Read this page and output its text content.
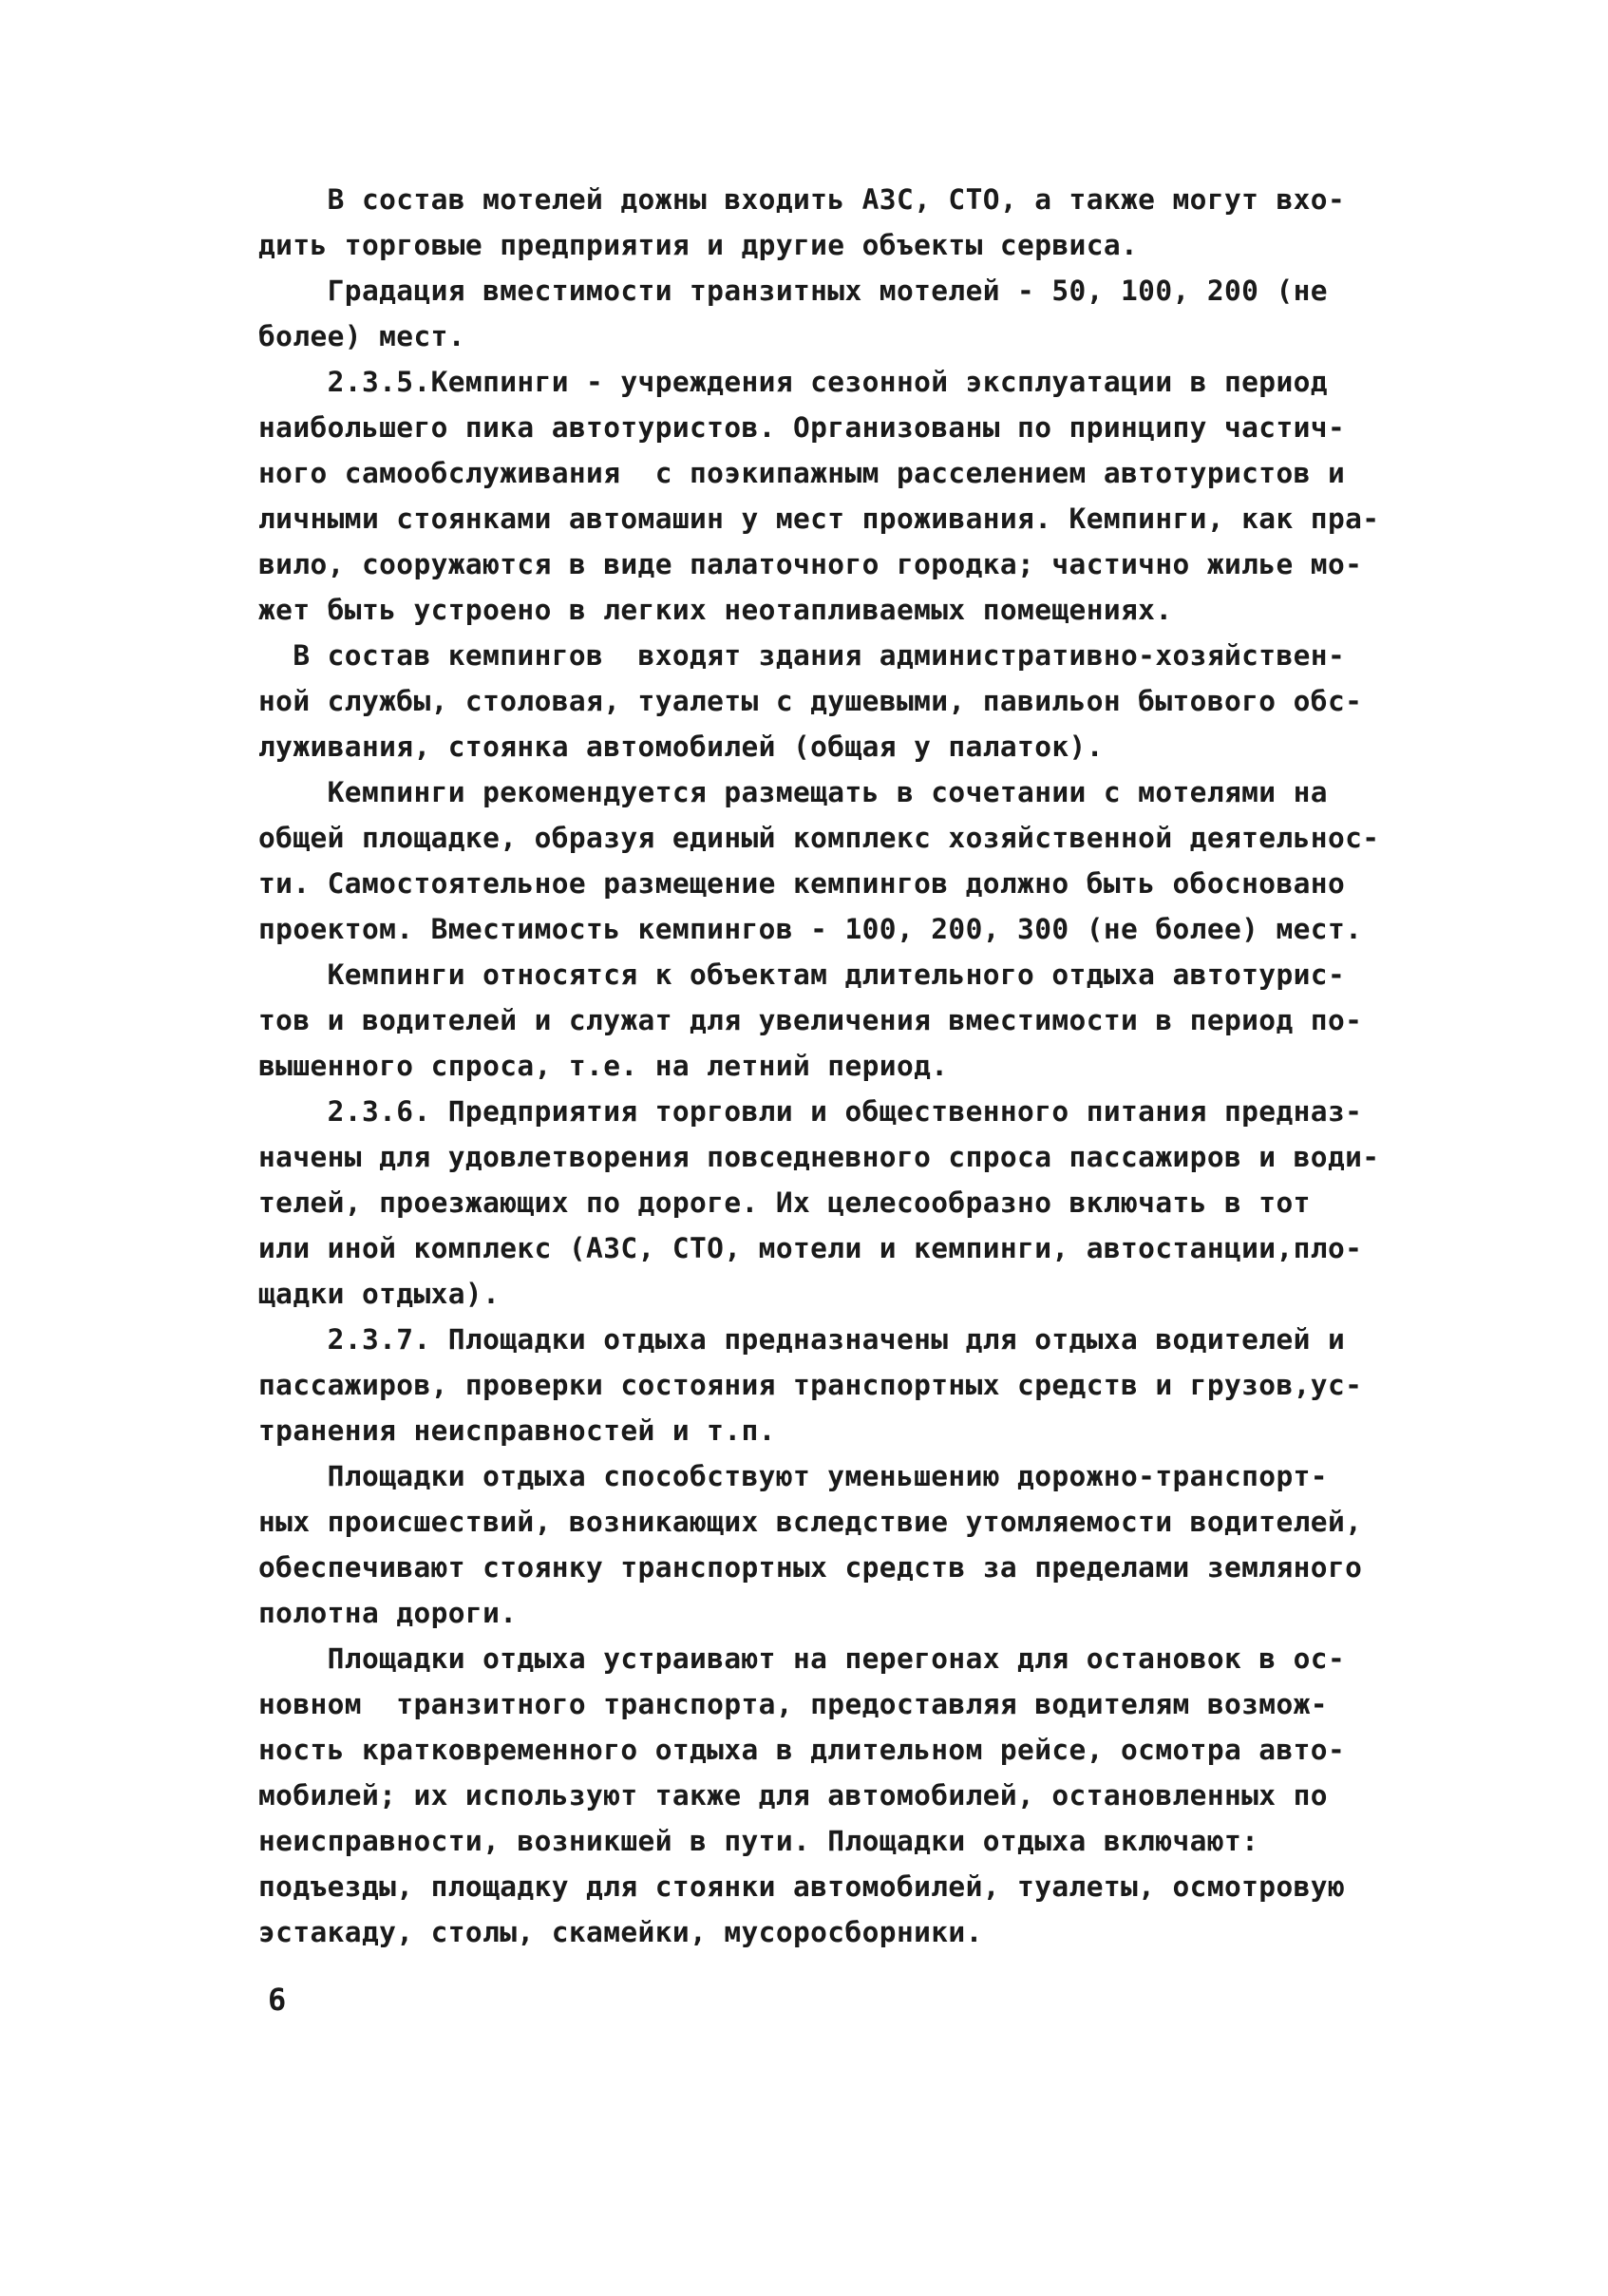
В состав мотелей дожны входить АЗС, СТО, а также могут вхо-
дить торговые предприятия и другие объекты сервиса.
Градация вместимости транзитных мотелей - 50, 100, 200 (не
более) мест.
2.3.5.Кемпинги - учреждения сезонной эксплуатации в период
наибольшего пика автотуристов. Организованы по принципу частич-
ного самообслуживания  с поэкипажным расселением автотуристов и
личными стоянками автомашин у мест проживания. Кемпинги, как пра-
вило, сооружаются в виде палаточного городка; частично жилье мо-
жет быть устроено в легких неотапливаемых помещениях.
В состав кемпингов  входят здания административно-хозяйствен-
ной службы, столовая, туалеты с душевыми, павильон бытового обс-
луживания, стоянка автомобилей (общая у палаток).
Кемпинги рекомендуется размещать в сочетании с мотелями на
общей площадке, образуя единый комплекс хозяйственной деятельнос-
ти. Самостоятельное размещение кемпингов должно быть обосновано
проектом. Вместимость кемпингов - 100, 200, 300 (не более) мест.
Кемпинги относятся к объектам длительного отдыха автотурис-
тов и водителей и служат для увеличения вместимости в период по-
вышенного спроса, т.е. на летний период.
2.3.6. Предприятия торговли и общественного питания предназ-
начены для удовлетворения повседневного спроса пассажиров и води-
телей, проезжающих по дороге. Их целесообразно включать в тот
или иной комплекс (АЗС, СТО, мотели и кемпинги, автостанции,пло-
щадки отдыха).
2.3.7. Площадки отдыха предназначены для отдыха водителей и
пассажиров, проверки состояния транспортных средств и грузов,ус-
транения неисправностей и т.п.
Площадки отдыха способствуют уменьшению дорожно-транспорт-
ных происшествий, возникающих вследствие утомляемости водителей,
обеспечивают стоянку транспортных средств за пределами земляного
полотна дороги.
Площадки отдыха устраивают на перегонах для остановок в ос-
новном  транзитного транспорта, предоставляя водителям возмож-
ность кратковременного отдыха в длительном рейсе, осмотра авто-
мобилей; их используют также для автомобилей, остановленных по
неисправности, возникшей в пути. Площадки отдыха включают:
подъезды, площадку для стоянки автомобилей, туалеты, осмотровую
эстакаду, столы, скамейки, мусоросборники.
6
